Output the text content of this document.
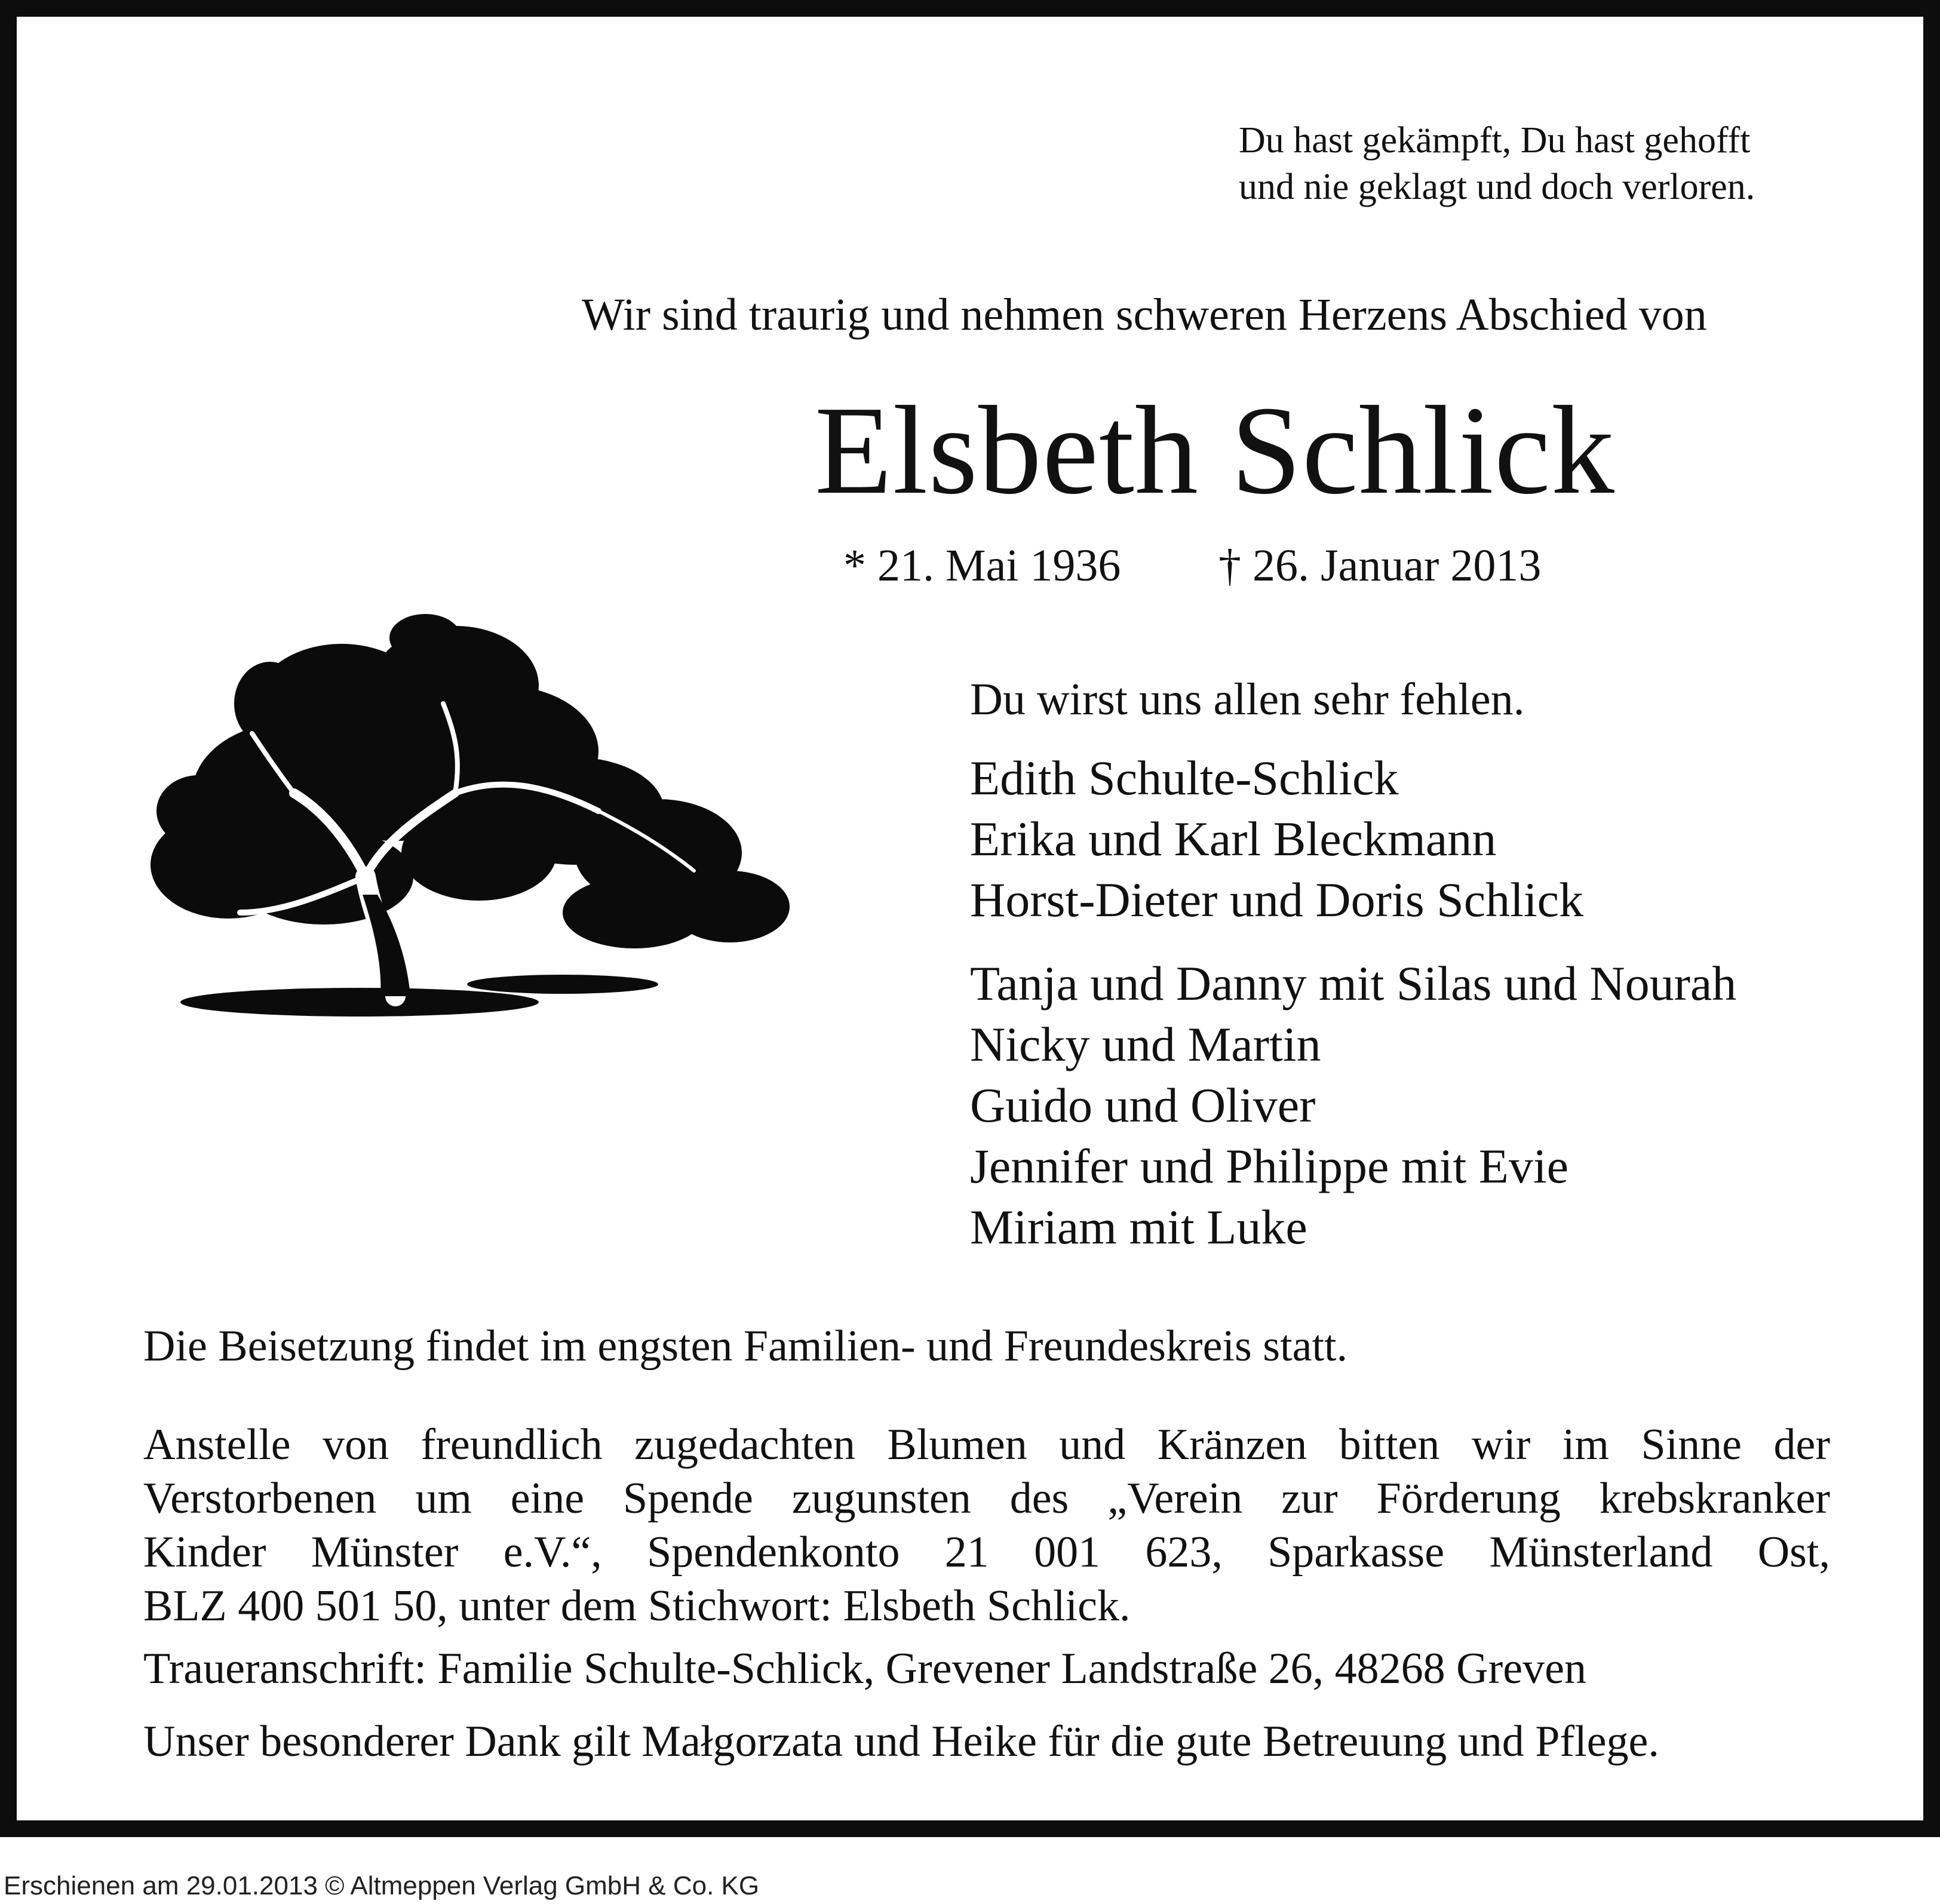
Du hast gekämpft, Du hast gehofft
und nie geklagt und doch verloren.
Wir sind traurig und nehmen schweren Herzens Abschied von
Elsbeth Schlick
* 21. Mai 1936 † 26. Januar 2013
Du wirst uns allen sehr fehlen.
Edith Schulte-Schlick
Erika und Karl Bleckmann
Horst-Dieter und Doris Schlick
Tanja und Danny mit Silas und Nourah
Nicky und Martin
Guido und Oliver
Jennifer und Philippe mit Evie
Miriam mit Luke
Die Beisetzung findet im engsten Familien- und Freundeskreis statt.
Anstelle von freundlich zugedachten Blumen und Kränzen bitten wir im Sinne der
Verstorbenen um eine Spende zugunsten des „Verein zur Förderung krebskranker
Kinder Münster e.V.“, Spendenkonto 21 001 623, Sparkasse Münsterland Ost,
BLZ 400 501 50, unter dem Stichwort: Elsbeth Schlick.
Traueranschrift: Familie Schulte-Schlick, Grevener Landstraße 26, 48268 Greven
Unser besonderer Dank gilt Małgorzata und Heike für die gute Betreuung und Pflege.
Erschienen am 29.01.2013 © Altmeppen Verlag GmbH & Co. KG
